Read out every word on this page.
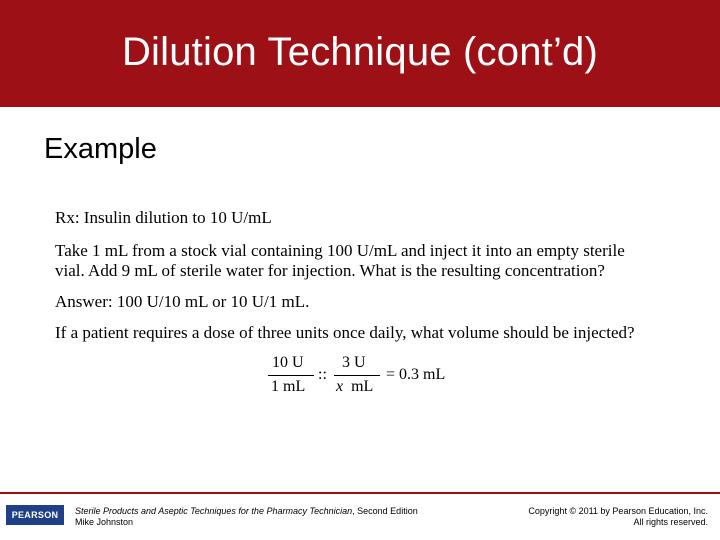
Dilution Technique (cont’d)
Example
Rx: Insulin dilution to 10 U/mL
Take 1 mL from a stock vial containing 100 U/mL and inject it into an empty sterile
vial. Add 9 mL of sterile water for injection. What is the resulting concentration?
Answer: 100 U/10 mL or 10 U/1 mL.
If a patient requires a dose of three units once daily, what volume should be injected?
10 U
1 mL
::
3 U
x mL
= 0.3 mL
PEARSON	Sterile Products and Aseptic Techniques for the Pharmacy Technician, Second Edition
Mike Johnston
Copyright © 2011 by Pearson Education, Inc.
All rights reserved.
